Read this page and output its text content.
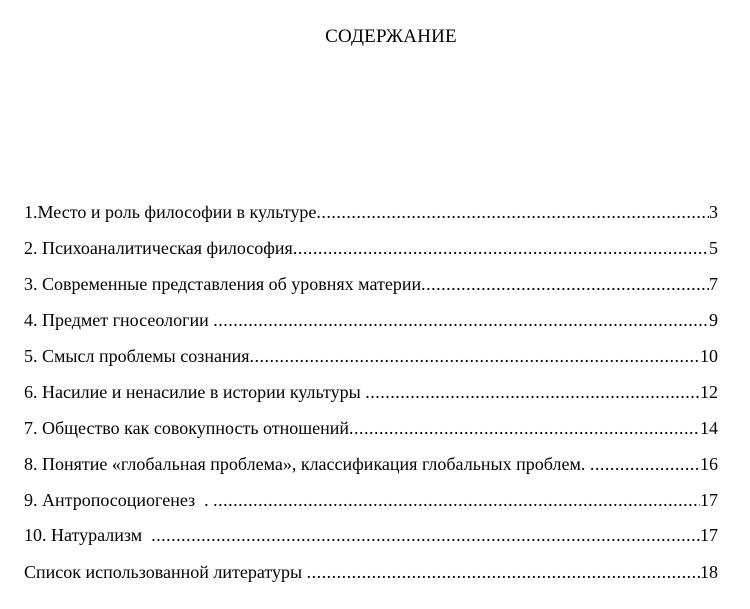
СОДЕРЖАНИЕ
1.Место и роль философии в культуре .....	3
2. Психоаналитическая философия .....	5
3. Современные представления об уровнях материи .....	7
4. Предмет гносеологии .....	9
5. Смысл проблемы сознания .....	10
6. Насилие и ненасилие в истории культуры .....	12
7. Общество как совокупность отношений .....	14
8. Понятие «глобальная проблема», классификация глобальных проблем. .....	16
9. Антропосоциогенез  . .....	17
10. Натурализм .....	17
Список использованной литературы .....	18
